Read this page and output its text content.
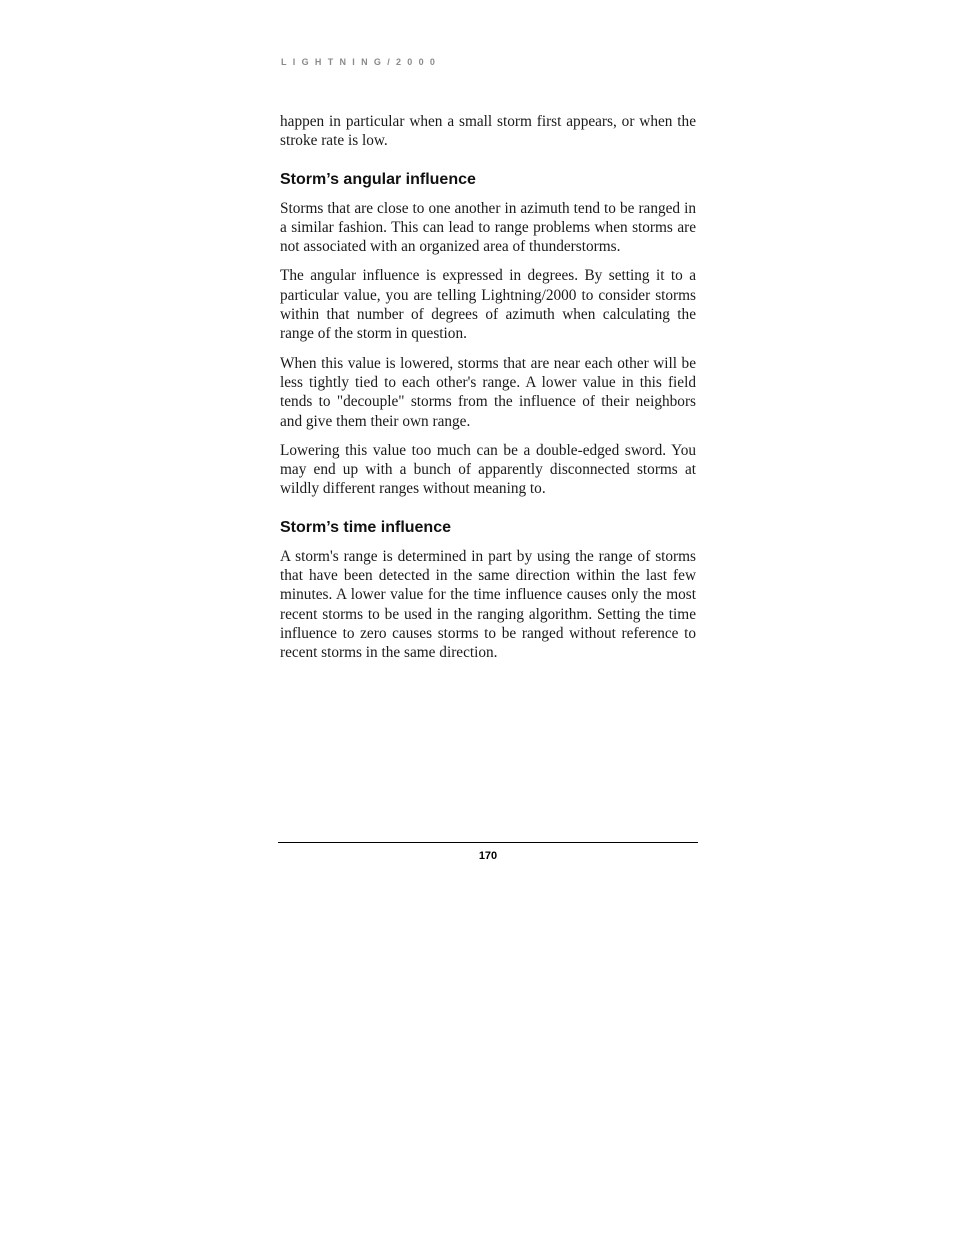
LIGHTNING/2000

happen in particular when a small storm first appears, or when the stroke rate is low.

Storm’s angular influence

Storms that are close to one another in azimuth tend to be ranged in a similar fashion. This can lead to range problems when storms are not associated with an organized area of thunderstorms.

The angular influence is expressed in degrees. By setting it to a particular value, you are telling Lightning/2000 to consider storms within that number of degrees of azimuth when calculating the range of the storm in question.

When this value is lowered, storms that are near each other will be less tightly tied to each other's range. A lower value in this field tends to "decouple" storms from the influence of their neighbors and give them their own range.

Lowering this value too much can be a double-edged sword. You may end up with a bunch of apparently disconnected storms at wildly different ranges without meaning to.

Storm’s time influence

A storm's range is determined in part by using the range of storms that have been detected in the same direction within the last few minutes. A lower value for the time influence causes only the most recent storms to be used in the ranging algorithm. Setting the time influence to zero causes storms to be ranged without reference to recent storms in the same direction.

170
